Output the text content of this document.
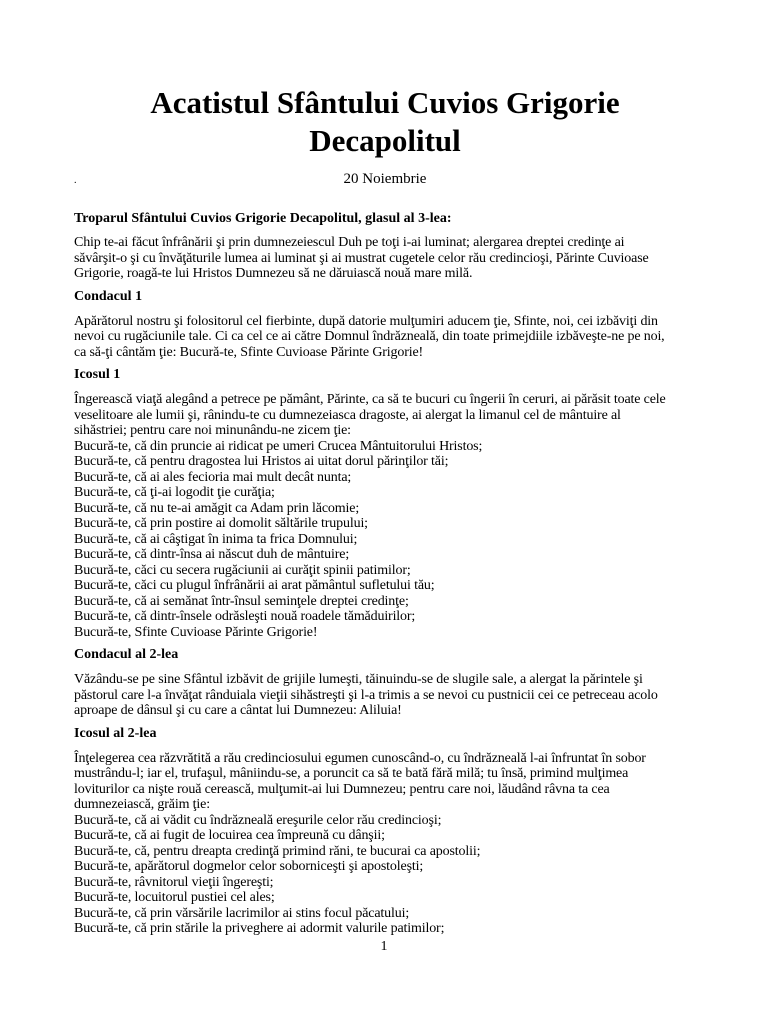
Acatistul Sfântului Cuvios Grigorie
Decapolitul
.	20 Noiembrie
Troparul Sfântului Cuvios Grigorie Decapolitul, glasul al 3-lea:
Chip te-ai făcut înfrânării şi prin dumnezeiescul Duh pe toţi i-ai luminat; alergarea dreptei credinţe ai
săvârşit-o şi cu învăţăturile lumea ai luminat şi ai mustrat cugetele celor rău credincioşi, Părinte Cuvioase
Grigorie, roagă-te lui Hristos Dumnezeu să ne dăruiască nouă mare milă.
Condacul 1
Apărătorul nostru şi folositorul cel fierbinte, după datorie mulţumiri aducem ţie, Sfinte, noi, cei izbăviţi din
nevoi cu rugăciunile tale. Ci ca cel ce ai către Domnul îndrăzneală, din toate primejdiile izbăveşte-ne pe noi,
ca să-ţi cântăm ţie: Bucură-te, Sfinte Cuvioase Părinte Grigorie!
Icosul 1
Îngerească viaţă alegând a petrece pe pământ, Părinte, ca să te bucuri cu îngerii în ceruri, ai părăsit toate cele
veselitoare ale lumii şi, rânindu-te cu dumnezeiasca dragoste, ai alergat la limanul cel de mântuire al
sihăstriei; pentru care noi minunându-ne zicem ţie:
Bucură-te, că din pruncie ai ridicat pe umeri Crucea Mântuitorului Hristos;
Bucură-te, că pentru dragostea lui Hristos ai uitat dorul părinţilor tăi;
Bucură-te, că ai ales fecioria mai mult decât nunta;
Bucură-te, că ţi-ai logodit ţie curăţia;
Bucură-te, că nu te-ai amăgit ca Adam prin lăcomie;
Bucură-te, că prin postire ai domolit săltările trupului;
Bucură-te, că ai câştigat în inima ta frica Domnului;
Bucură-te, că dintr-însa ai născut duh de mântuire;
Bucură-te, căci cu secera rugăciunii ai curăţit spinii patimilor;
Bucură-te, căci cu plugul înfrânării ai arat pământul sufletului tău;
Bucură-te, că ai semănat într-însul seminţele dreptei credinţe;
Bucură-te, că dintr-însele odrăsleşti nouă roadele tămăduirilor;
Bucură-te, Sfinte Cuvioase Părinte Grigorie!
Condacul al 2-lea
Văzându-se pe sine Sfântul izbăvit de grijile lumeşti, tăinuindu-se de slugile sale, a alergat la părintele şi
păstorul care l-a învăţat rânduiala vieţii sihăstreşti şi l-a trimis a se nevoi cu pustnicii cei ce petreceau acolo
aproape de dânsul şi cu care a cântat lui Dumnezeu: Aliluia!
Icosul al 2-lea
Înţelegerea cea răzvrătită a rău credinciosului egumen cunoscând-o, cu îndrăzneală l-ai înfruntat în sobor
mustrându-l; iar el, trufaşul, mâniindu-se, a poruncit ca să te bată fără milă; tu însă, primind mulţimea
loviturilor ca nişte rouă cerească, mulţumit-ai lui Dumnezeu; pentru care noi, lăudând râvna ta cea
dumnezeiască, grăim ţie:
Bucură-te, că ai vădit cu îndrăzneală ereşurile celor rău credincioşi;
Bucură-te, că ai fugit de locuirea cea împreună cu dânşii;
Bucură-te, că, pentru dreapta credinţă primind răni, te bucurai ca apostolii;
Bucură-te, apărătorul dogmelor celor soborniceşti şi apostoleşti;
Bucură-te, râvnitorul vieţii îngereşti;
Bucură-te, locuitorul pustiei cel ales;
Bucură-te, că prin vărsările lacrimilor ai stins focul păcatului;
Bucură-te, că prin stările la priveghere ai adormit valurile patimilor;
1
